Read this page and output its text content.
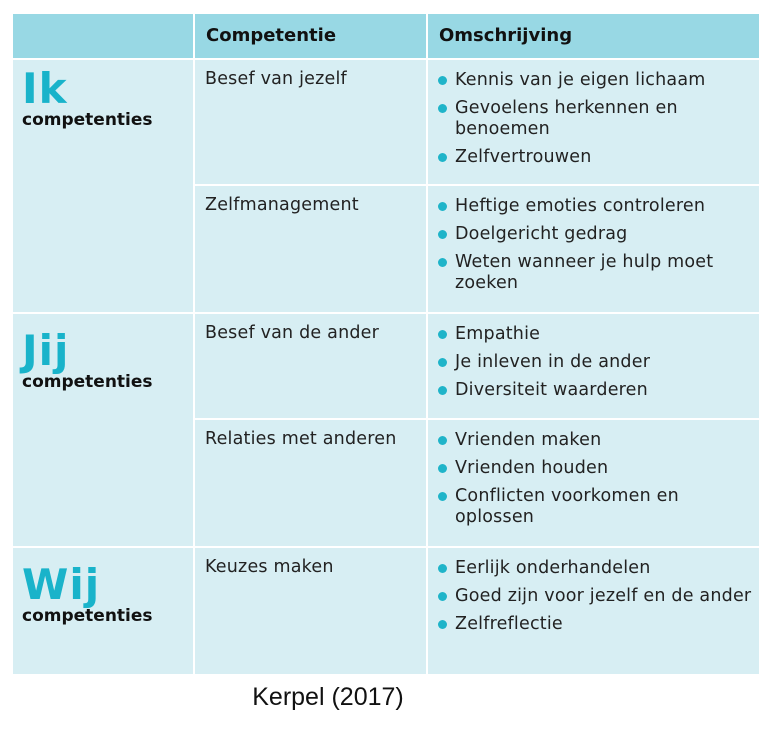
Competentie	Omschrijving
Ik
competenties
Besef van jezelf	Kennis van je eigen lichaam
Gevoelens herkennen en benoemen
Zelfvertrouwen
Zelfmanagement	Heftige emoties controleren
Doelgericht gedrag
Weten wanneer je hulp moet zoeken
Jij
competenties
Besef van de ander	Empathie
Je inleven in de ander
Diversiteit waarderen
Relaties met anderen	Vrienden maken
Vrienden houden
Conflicten voorkomen en oplossen
Wij
competenties
Keuzes maken	Eerlijk onderhandelen
Goed zijn voor jezelf en de ander
Zelfreflectie
Kerpel (2017)
